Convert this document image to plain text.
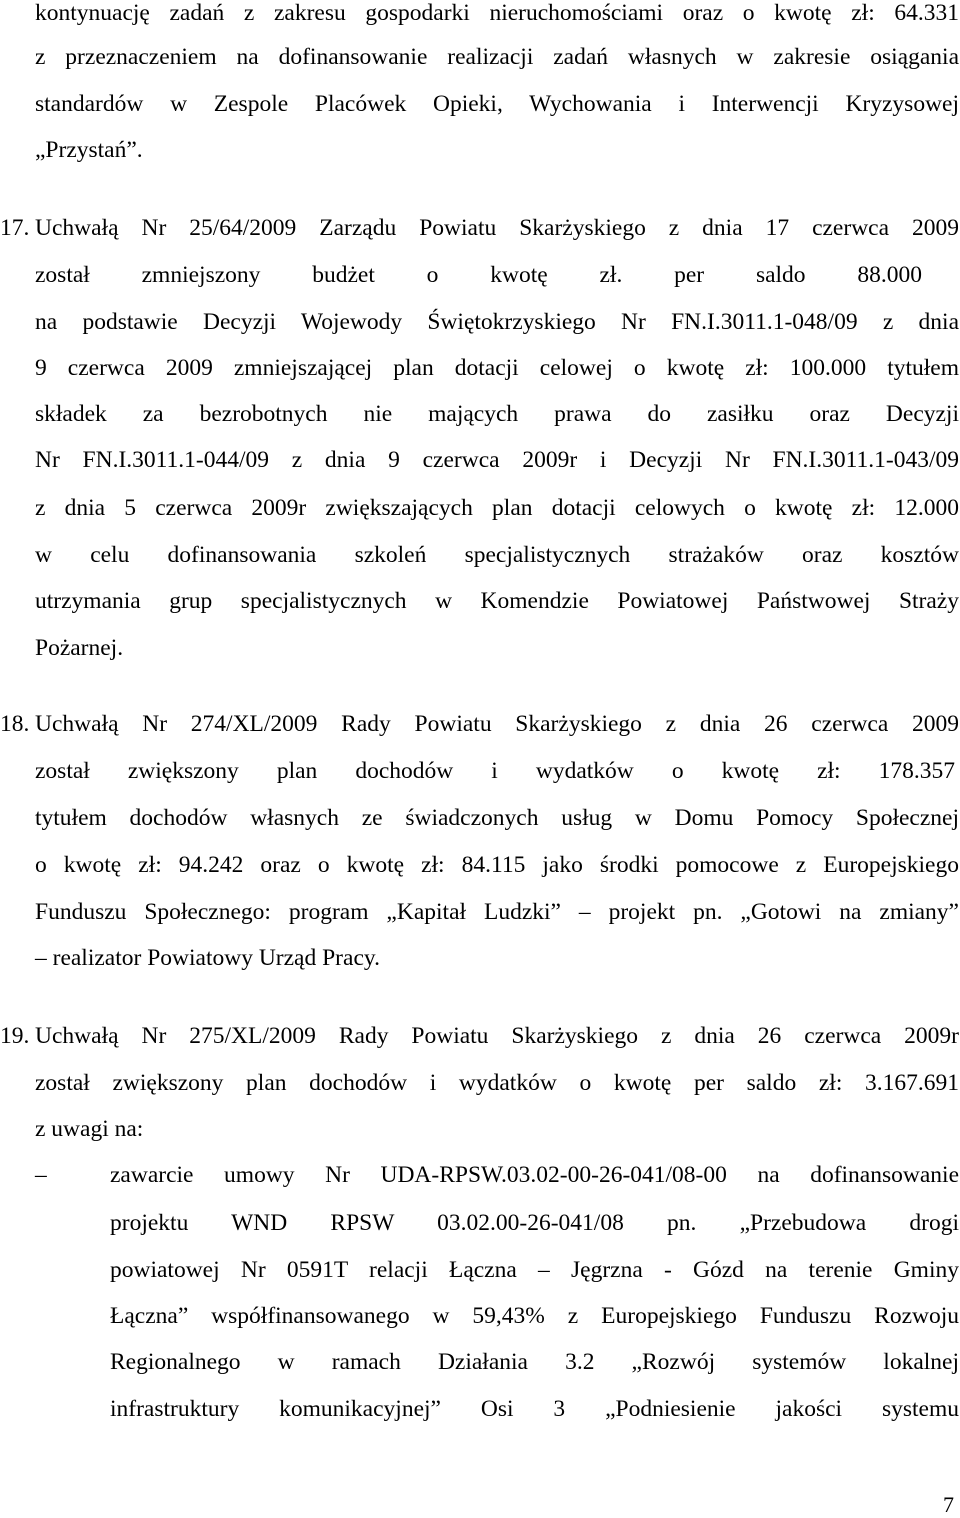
kontynuację zadań z zakresu gospodarki nieruchomościami oraz o kwotę zł: 64.331
z przeznaczeniem na dofinansowanie realizacji zadań własnych w zakresie osiągania
standardów w Zespole Placówek Opieki, Wychowania i Interwencji Kryzysowej
„Przystań”.
17. Uchwałą Nr 25/64/2009 Zarządu Powiatu Skarżyskiego z dnia 17 czerwca 2009
został zmniejszony budżet o kwotę zł. per saldo 88.000
na podstawie Decyzji Wojewody Świętokrzyskiego Nr FN.I.3011.1-048/09 z dnia
9 czerwca 2009 zmniejszającej plan dotacji celowej o kwotę zł: 100.000 tytułem
składek za bezrobotnych nie mających prawa do zasiłku oraz Decyzji
Nr FN.I.3011.1-044/09 z dnia 9 czerwca 2009r i Decyzji Nr FN.I.3011.1-043/09
z dnia 5 czerwca 2009r zwiększających plan dotacji celowych o kwotę zł: 12.000
w celu dofinansowania szkoleń specjalistycznych strażaków oraz kosztów
utrzymania grup specjalistycznych w Komendzie Powiatowej Państwowej Straży
Pożarnej.
18. Uchwałą Nr 274/XL/2009 Rady Powiatu Skarżyskiego z dnia 26 czerwca 2009
został zwiększony plan dochodów i wydatków o kwotę zł: 178.357
tytułem dochodów własnych ze świadczonych usług w Domu Pomocy Społecznej
o kwotę zł: 94.242 oraz o kwotę zł: 84.115 jako środki pomocowe z Europejskiego
Funduszu Społecznego: program „Kapitał Ludzki” – projekt pn. „Gotowi na zmiany”
– realizator Powiatowy Urząd Pracy.
19. Uchwałą Nr 275/XL/2009 Rady Powiatu Skarżyskiego z dnia 26 czerwca 2009r
został zwiększony plan dochodów i wydatków o kwotę per saldo zł: 3.167.691
z uwagi na:
–	zawarcie umowy Nr UDA-RPSW.03.02-00-26-041/08-00 na dofinansowanie
projektu WND RPSW 03.02.00-26-041/08 pn. „Przebudowa drogi
powiatowej Nr 0591T relacji Łączna – Jęgrzna - Gózd na terenie Gminy
Łączna” współfinansowanego w 59,43% z Europejskiego Funduszu Rozwoju
Regionalnego w ramach Działania 3.2 „Rozwój systemów lokalnej
infrastruktury komunikacyjnej” Osi 3 „Podniesienie jakości systemu
7
